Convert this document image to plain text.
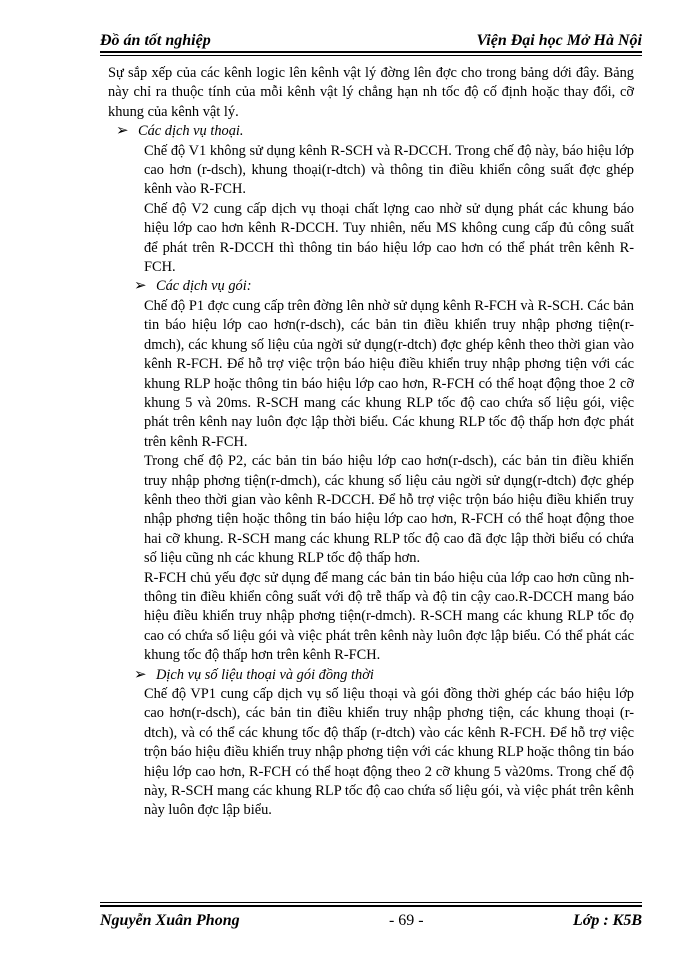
Đồ án tốt nghiệp	Viện Đại học Mở Hà Nội

Sự sắp xếp của các kênh logic lên kênh vật lý đờng lên đợc cho trong bảng dới đây. Bảng này chỉ ra thuộc tính của mỗi kênh vật lý chẳng hạn nh tốc độ cố định hoặc thay đổi, cỡ khung của kênh vật lý.

➢ Các dịch vụ thoại.

Chế độ V1 không sử dụng kênh R-SCH và R-DCCH. Trong chế độ này, báo hiệu lớp cao hơn (r-dsch), khung thoại(r-dtch) và thông tin điều khiển công suất đợc ghép kênh vào R-FCH.

Chế độ V2 cung cấp dịch vụ thoại chất lợng cao nhờ sử dụng phát các khung báo hiệu lớp cao hơn kênh R-DCCH. Tuy nhiên, nếu MS không cung cấp đủ công suất để phát trên R-DCCH thì thông tin báo hiệu lớp cao hơn có thể phát trên kênh R-FCH.

➢ Các dịch vụ gói:

Chế độ P1 đợc cung cấp trên đờng lên nhờ sử dụng kênh R-FCH và R-SCH. Các bản tin báo hiệu lớp cao hơn(r-dsch), các bản tin điều khiển truy nhập phơng tiện(r-dmch), các khung số liệu của ngời sử dụng(r-dtch) đợc ghép kênh theo thời gian vào kênh R-FCH. Để hỗ trợ việc trộn báo hiệu điều khiển truy nhập phơng tiện với các khung RLP hoặc thông tin báo hiệu lớp cao hơn, R-FCH có thể hoạt động thoe 2 cỡ khung 5 và 20ms. R-SCH mang các khung RLP tốc độ cao chứa số liệu gói, việc phát trên kênh nay luôn đợc lập thời biểu. Các khung RLP tốc độ thấp hơn đợc phát trên kênh R-FCH.

Trong chế độ P2, các bản tin báo hiệu lớp cao hơn(r-dsch), các bản tin điều khiển truy nhập phơng tiện(r-dmch), các khung số liệu cảu ngời sử dụng(r-dtch) đợc ghép kênh theo thời gian vào kênh R-DCCH. Để hỗ trợ việc trộn báo hiệu điều khiển truy nhập phơng tiện hoặc thông tin báo hiệu lớp cao hơn, R-FCH có thể hoạt động thoe hai cỡ khung. R-SCH mang các khung RLP tốc độ cao đã đợc lập thời biểu có chứa số liệu cũng nh các khung RLP tốc độ thấp hơn.

R-FCH chủ yếu đợc sử dụng để mang các bản tin báo hiệu của lớp cao hơn cũng nh thông tin điều khiển công suất với độ trễ thấp và độ tin cậy cao.R-DCCH mang báo hiệu điều khiển truy nhập phơng tiện(r-dmch). R-SCH mang các khung RLP tốc đọ cao có chứa số liệu gói và việc phát trên kênh này luôn đợc lập biểu. Có thể phát các khung tốc độ thấp hơn trên kênh R-FCH.

➢ Dịch vụ số liệu thoại và gói đồng thời

Chế độ VP1 cung cấp dịch vụ số liệu thoại và gói đồng thời ghép các báo hiệu lớp cao hơn(r-dsch), các bản tin điều khiển truy nhập phơng tiện, các khung thoại (r-dtch), và có thể các khung tốc độ thấp (r-dtch) vào các kênh R-FCH. Để hỗ trợ việc trộn báo hiệu điều khiển truy nhập phơng tiện với các khung RLP hoặc thông tin báo hiệu lớp cao hơn, R-FCH có thể hoạt động theo 2 cỡ khung 5 và20ms. Trong chế độ này, R-SCH mang các khung RLP tốc độ cao chứa số liệu gói, và việc phát trên kênh này luôn đợc lập biểu.

Nguyễn Xuân Phong	- 69 -	Lớp : K5B
